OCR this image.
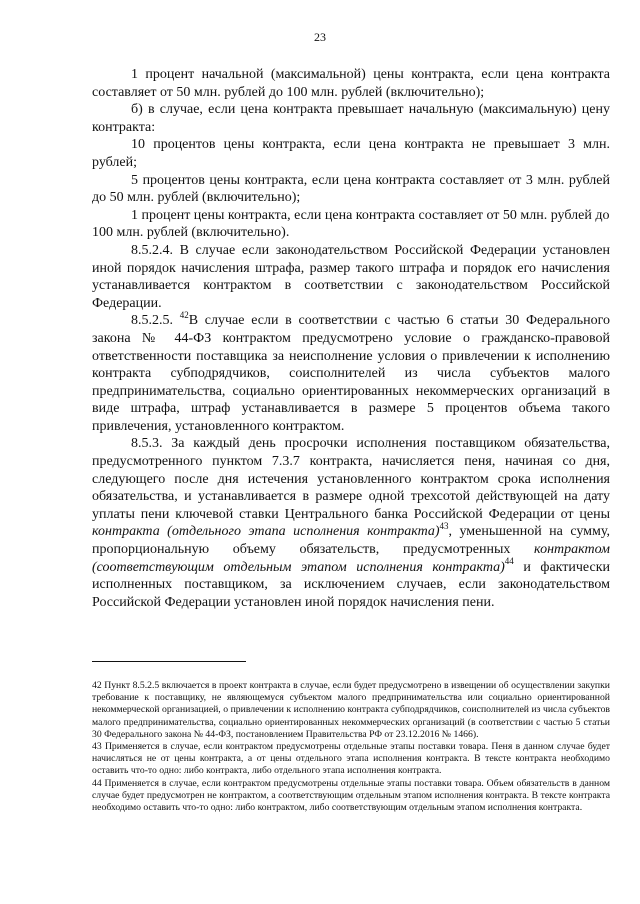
23

1 процент начальной (максимальной) цены контракта, если цена контракта составляет от 50 млн. рублей до 100 млн. рублей (включительно);

б) в случае, если цена контракта превышает начальную (максимальную) цену контракта:

10 процентов цены контракта, если цена контракта не превышает 3 млн. рублей;

5 процентов цены контракта, если цена контракта составляет от 3 млн. рублей до 50 млн. рублей (включительно);

1 процент цены контракта, если цена контракта составляет от 50 млн. рублей до 100 млн. рублей (включительно).

8.5.2.4. В случае если законодательством Российской Федерации установлен иной порядок начисления штрафа, размер такого штрафа и порядок его начисления устанавливается контрактом в соответствии с законодательством Российской Федерации.

8.5.2.5. $^{42}$В случае если в соответствии с частью 6 статьи 30 Федерального закона № 44-ФЗ контрактом предусмотрено условие о гражданско-правовой ответственности поставщика за неисполнение условия о привлечении к исполнению контракта субподрядчиков, соисполнителей из числа субъектов малого предпринимательства, социально ориентированных некоммерческих организаций в виде штрафа, штраф устанавливается в размере 5 процентов объема такого привлечения, установленного контрактом.

8.5.3. За каждый день просрочки исполнения поставщиком обязательства, предусмотренного пунктом 7.3.7 контракта, начисляется пеня, начиная со дня, следующего после дня истечения установленного контрактом срока исполнения обязательства, и устанавливается в размере одной трехсотой действующей на дату уплаты пени ключевой ставки Центрального банка Российской Федерации от цены контракта (отдельного этапа исполнения контракта)$^{43}$, уменьшенной на сумму, пропорциональную объему обязательств, предусмотренных контрактом (соответствующим отдельным этапом исполнения контракта)$^{44}$ и фактически исполненных поставщиком, за исключением случаев, если законодательством Российской Федерации установлен иной порядок начисления пени.

42 Пункт 8.5.2.5 включается в проект контракта в случае, если будет предусмотрено в извещении об осуществлении закупки требование к поставщику, не являющемуся субъектом малого предпринимательства или социально ориентированной некоммерческой организацией, о привлечении к исполнению контракта субподрядчиков, соисполнителей из числа субъектов малого предпринимательства, социально ориентированных некоммерческих организаций (в соответствии с частью 5 статьи 30 Федерального закона № 44-ФЗ, постановлением Правительства РФ от 23.12.2016 № 1466).

43 Применяется в случае, если контрактом предусмотрены отдельные этапы поставки товара. Пеня в данном случае будет начисляться не от цены контракта, а от цены отдельного этапа исполнения контракта. В тексте контракта необходимо оставить что-то одно: либо контракта, либо отдельного этапа исполнения контракта.

44 Применяется в случае, если контрактом предусмотрены отдельные этапы поставки товара. Объем обязательств в данном случае будет предусмотрен не контрактом, а соответствующим отдельным этапом исполнения контракта. В тексте контракта необходимо оставить что-то одно: либо контрактом, либо соответствующим отдельным этапом исполнения контракта.
